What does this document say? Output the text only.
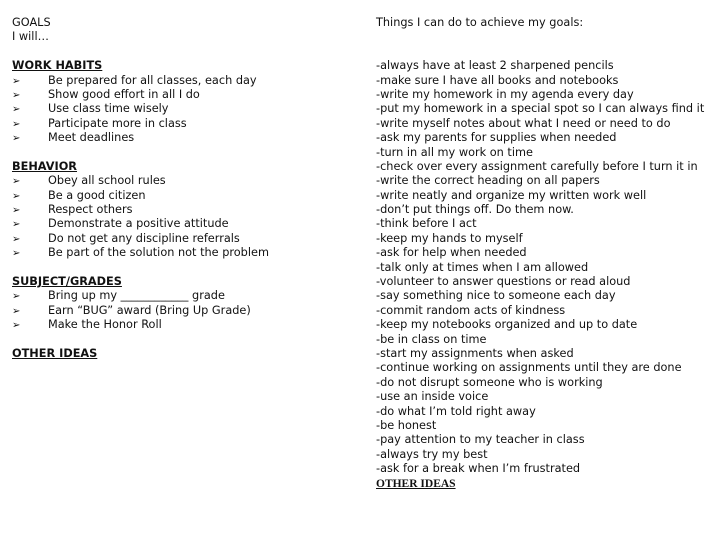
GOALS
I will…
WORK HABITS
➢	Be prepared for all classes, each day
➢	Show good effort in all I do
➢	Use class time wisely
➢	Participate more in class
➢	Meet deadlines
BEHAVIOR
➢	Obey all school rules
➢	Be a good citizen
➢	Respect others
➢	Demonstrate a positive attitude
➢	Do not get any discipline referrals
➢	Be part of the solution not the problem
SUBJECT/GRADES
➢	Bring up my ____________ grade
➢	Earn “BUG” award (Bring Up Grade)
➢	Make the Honor Roll
OTHER IDEAS
Things I can do to achieve my goals:
-always have at least 2 sharpened pencils
-make sure I have all books and notebooks
-write my homework in my agenda every day
-put my homework in a special spot so I can always find it
-write myself notes about what I need or need to do
-ask my parents for supplies when needed
-turn in all my work on time
-check over every assignment carefully before I turn it in
-write the correct heading on all papers
-write neatly and organize my written work well
-don’t put things off. Do them now.
-think before I act
-keep my hands to myself
-ask for help when needed
-talk only at times when I am allowed
-volunteer to answer questions or read aloud
-say something nice to someone each day
-commit random acts of kindness
-keep my notebooks organized and up to date
-be in class on time
-start my assignments when asked
-continue working on assignments until they are done
-do not disrupt someone who is working
-use an inside voice
-do what I’m told right away
-be honest
-pay attention to my teacher in class
-always try my best
-ask for a break when I’m frustrated
OTHER IDEAS
